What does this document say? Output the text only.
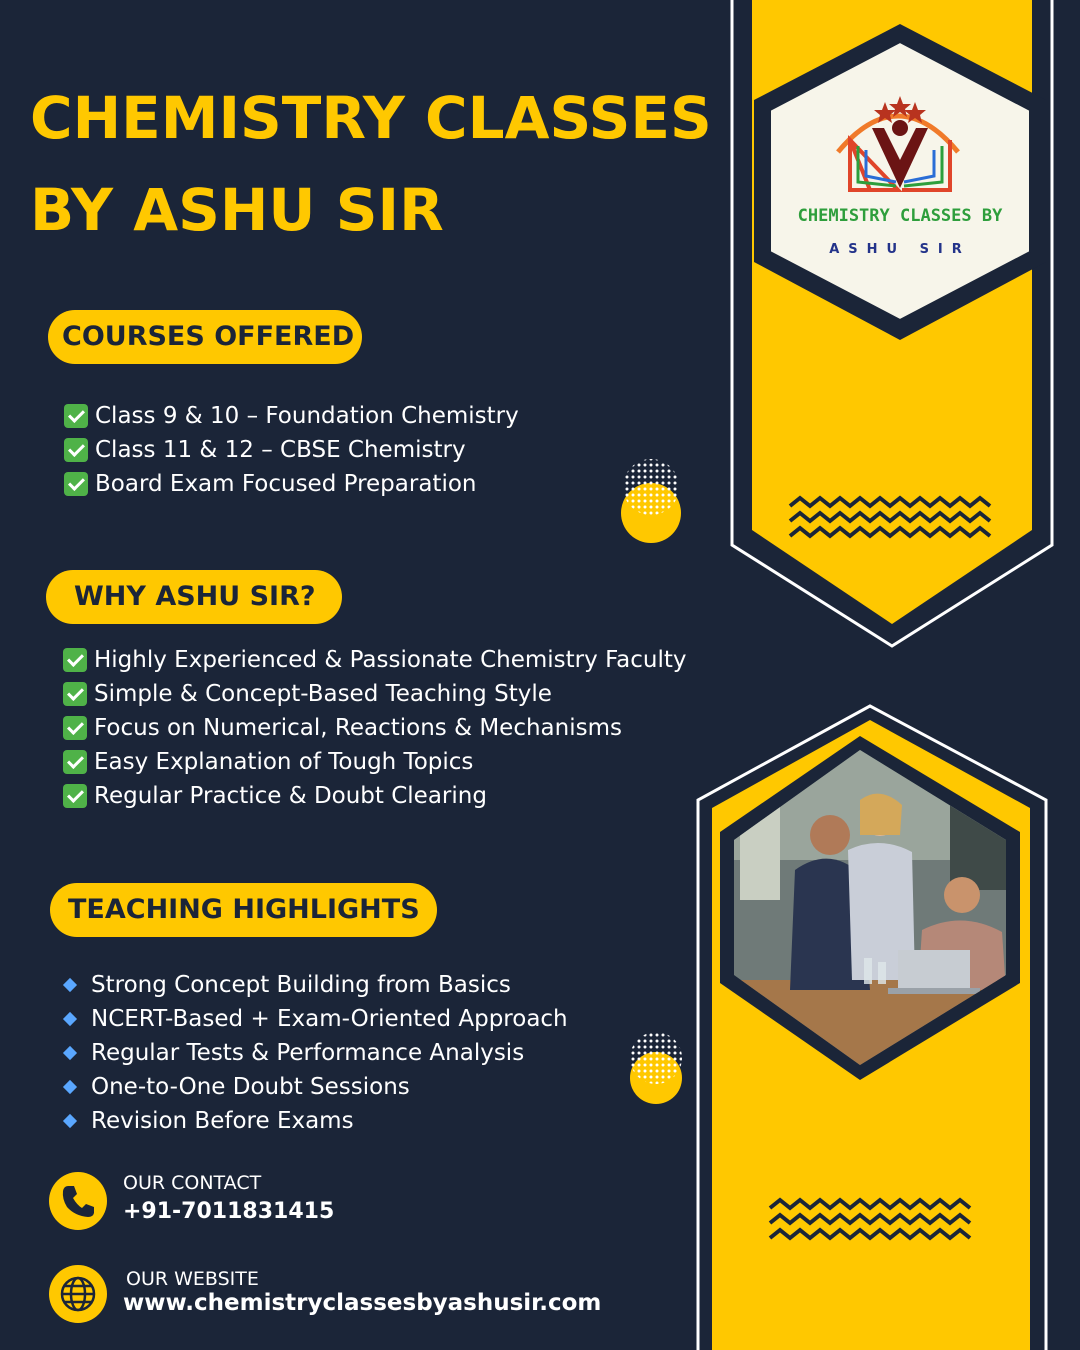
CHEMISTRY CLASSES BY
ASHU SIR
CHEMISTRY CLASSES
BY ASHU SIR
COURSES OFFERED
Class 9 & 10 – Foundation Chemistry
Class 11 & 12 – CBSE Chemistry
Board Exam Focused Preparation
WHY ASHU SIR?
Highly Experienced & Passionate Chemistry Faculty
Simple & Concept-Based Teaching Style
Focus on Numerical, Reactions & Mechanisms
Easy Explanation of Tough Topics
Regular Practice & Doubt Clearing
TEACHING HIGHLIGHTS
Strong Concept Building from Basics
NCERT-Based + Exam-Oriented Approach
Regular Tests & Performance Analysis
One-to-One Doubt Sessions
Revision Before Exams
OUR CONTACT
+91-7011831415
OUR WEBSITE
www.chemistryclassesbyashusir.com
